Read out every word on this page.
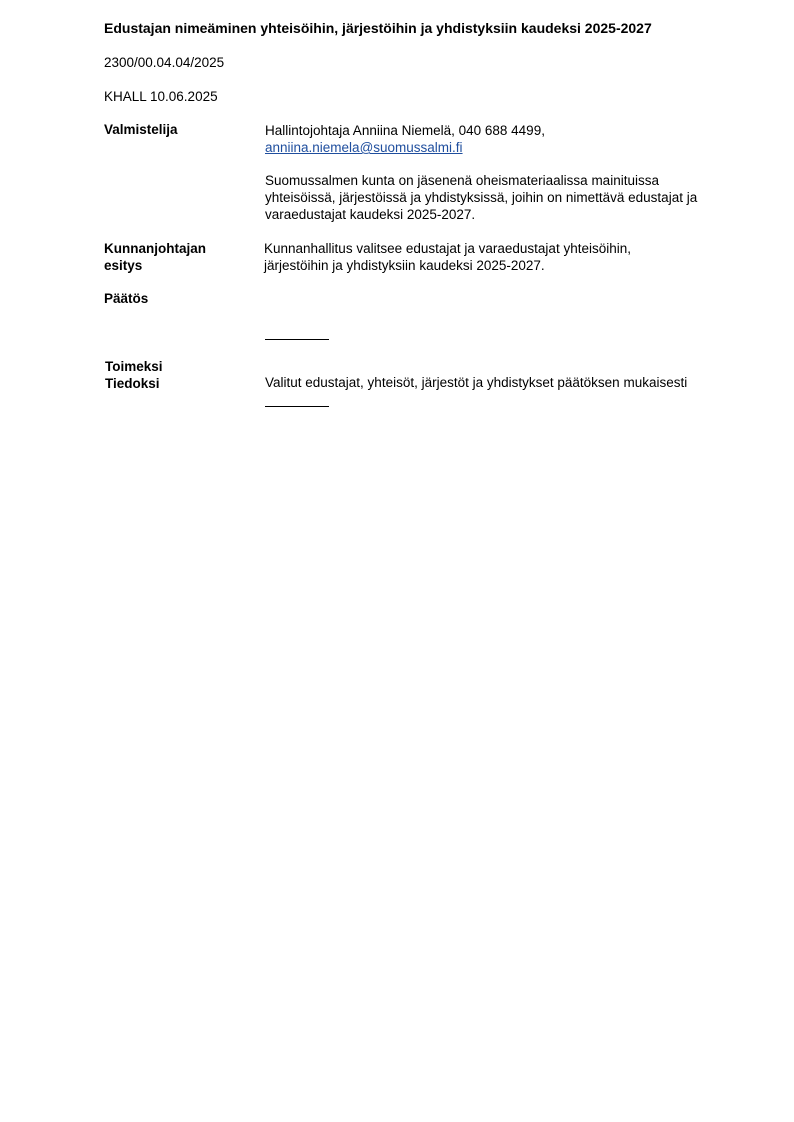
Edustajan nimeäminen yhteisöihin, järjestöihin ja yhdistyksiin kaudeksi 2025-2027
2300/00.04.04/2025
KHALL 10.06.2025
Valmistelija	Hallintojohtaja Anniina Niemelä, 040 688 4499,
anniina.niemela@suomussalmi.fi
Suomussalmen kunta on jäsenenä oheismateriaalissa mainituissa
yhteisöissä, järjestöissä ja yhdistyksissä, joihin on nimettävä edustajat ja
varaedustajat kaudeksi 2025-2027.
Kunnanjohtajan
esitys
Kunnanhallitus valitsee edustajat ja varaedustajat yhteisöihin,
järjestöihin ja yhdistyksiin kaudeksi 2025-2027.
Päätös
Toimeksi
Tiedoksi	Valitut edustajat, yhteisöt, järjestöt ja yhdistykset päätöksen mukaisesti
